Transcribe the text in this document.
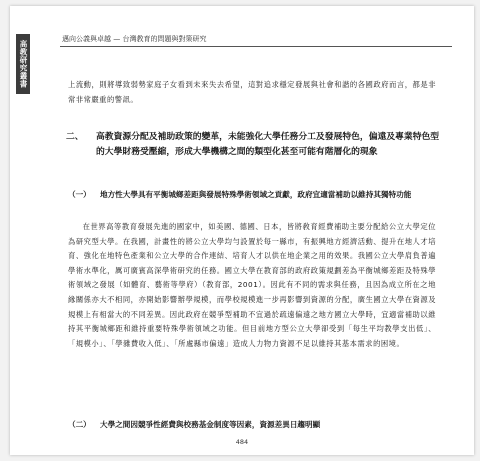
高教研究叢書
邁向公義與卓越 — 台灣教育的問題與對策研究

上流動，則將導致弱勢家庭子女看到未來失去希望，這對追求穩定發展與社會和諧的各國政府而言，都是非常非常嚴重的警訊。

二、	高教資源分配及補助政策的變革，未能強化大學任務分工及發展特色，偏遠及專業特色型的大學財務受壓縮，形成大學機構之間的類型化甚至可能有階層化的現象
（一）	地方性大學具有平衡城鄉差距與發展特殊學術領域之貢獻，政府宜適當補助以維持其獨特功能

在世界高等教育發展先進的國家中，如美國、德國、日本，皆將敎育經費補助主要分配給公立大學定位為研究型大學。在我國，計畫性的將公立大學均勻設置於每一縣市，有振興地方經濟活動、提升在地人才培育、強化在地特色產業和公立大學的合作連結、培育人才以供在地企業之用的效果。我國公立大學肩負普遍學術水準化，厲可廣賓高深學術研究的任務。國立大學在教育部的政府政策規劃差為平衡城鄉差距及特殊學術領域之發展（如體育、藝術等學府）（教育部，2001）。因此有不同的需求與任務，且因為成立所在之地緣關係亦大不相同，亦開始影響辦學規模，而學校規模進一步再影響到資源的分配，廣生國立大學在資源及規模上有相當大的不同差異。因此政府在競爭型補助不宜過於疏遠偏遠之地方國立大學時，宜適當補助以維持其平衡城鄉距和維持重要特殊學術領域之功能。但目前地方型公立大學卻受到「每生平均教學支出低」、「規模小」、「學雜費收入低」、「所處縣市偏遠」造成人力物力資源不足以維持其基本需求的困境。

（二）	大學之間因競爭性經費與校務基金制度等因素，資源差異日趨明顯
484
